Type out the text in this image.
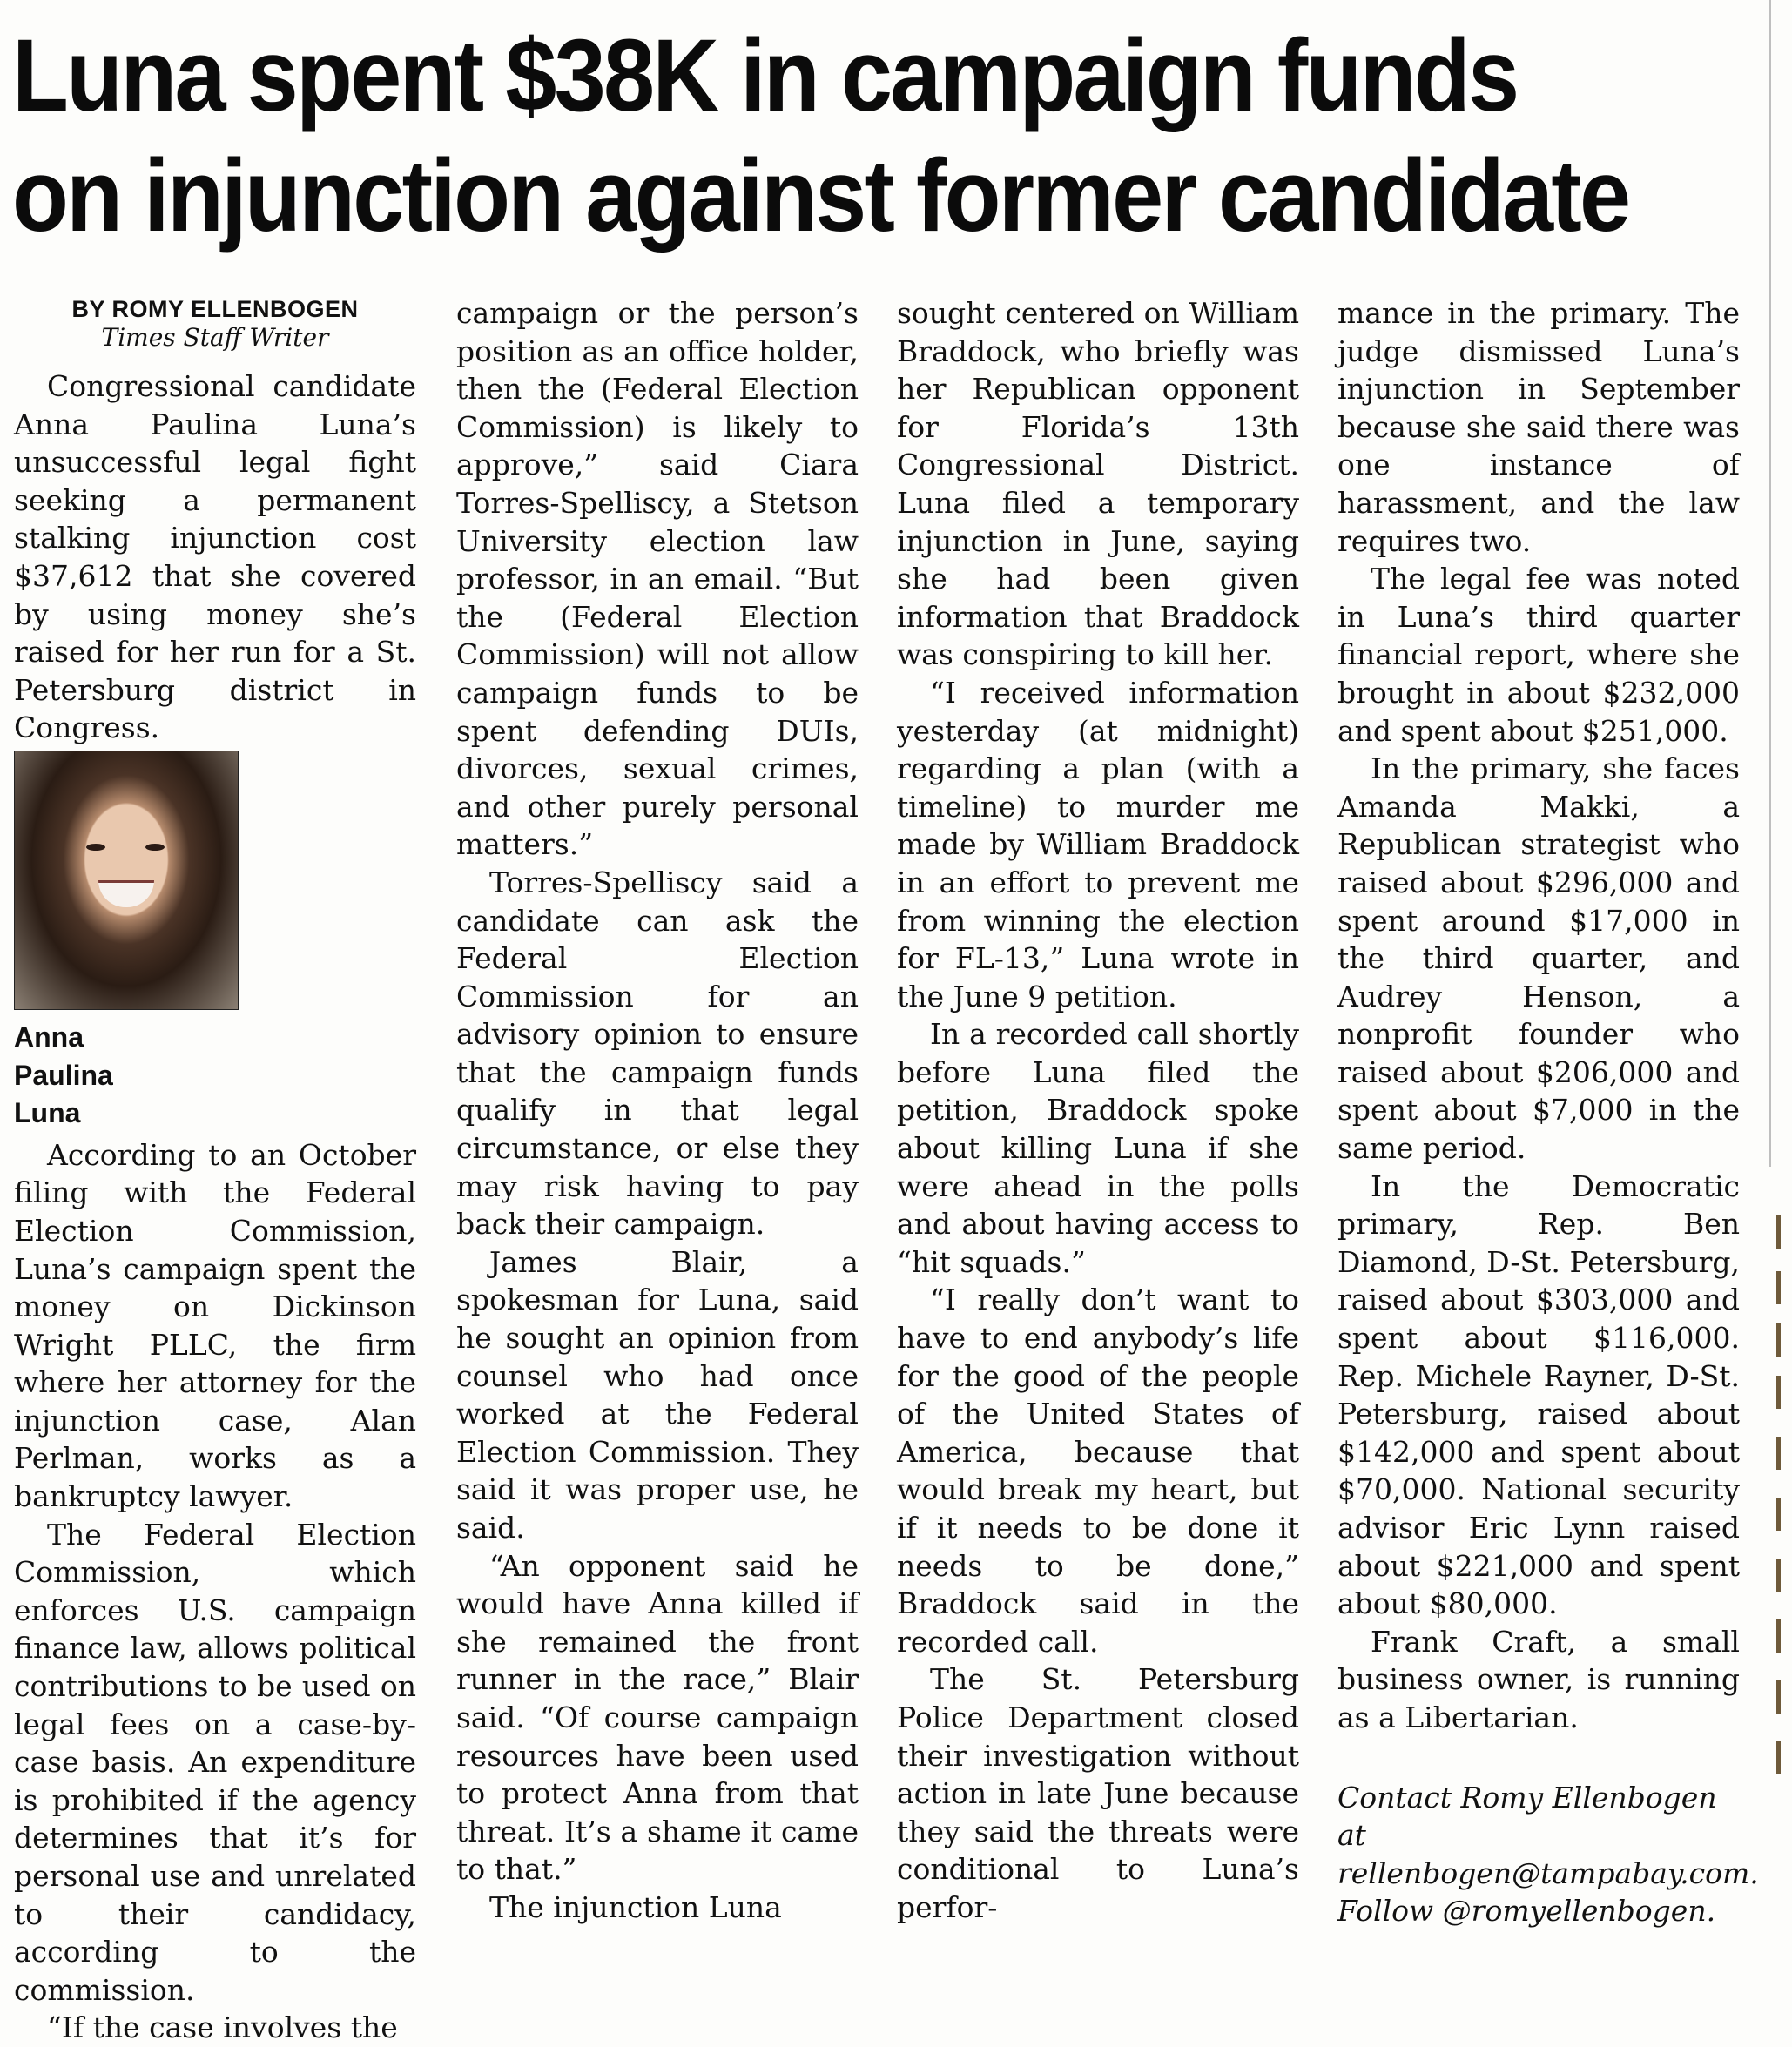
Luna spent $38K in campaign funds
on injunction against former candidate
BY ROMY ELLENBOGEN
Times Staff Writer

Congressional candidate Anna Paulina Luna’s unsuccessful legal fight seeking a permanent stalking injunction cost $37,612 that she covered by using money she’s raised for her run for a St. Petersburg district in Congress.

Anna
Paulina
Luna
According to an October filing with the Federal Election Commission, Luna’s campaign spent the money on Dickinson Wright PLLC, the firm where her attorney for the injunction case, Alan Perlman, works as a bankruptcy lawyer.

The Federal Election Commission, which enforces U.S. campaign finance law, allows political contributions to be used on legal fees on a case-by-case basis. An expenditure is prohibited if the agency determines that it’s for personal use and unrelated to their candidacy, according to the commission.

“If the case involves the

campaign or the person’s position as an office holder, then the (Federal Election Commission) is likely to approve,” said Ciara Torres-Spelliscy, a Stetson University election law professor, in an email. “But the (Federal Election Commission) will not allow campaign funds to be spent defending DUIs, divorces, sexual crimes, and other purely personal matters.”

Torres-Spelliscy said a candidate can ask the Federal Election Commission for an advisory opinion to ensure that the campaign funds qualify in that legal circumstance, or else they may risk having to pay back their campaign.

James Blair, a spokesman for Luna, said he sought an opinion from counsel who had once worked at the Federal Election Commission. They said it was proper use, he said.

“An opponent said he would have Anna killed if she remained the front runner in the race,” Blair said. “Of course campaign resources have been used to protect Anna from that threat. It’s a shame it came to that.”

The injunction Luna

sought centered on William Braddock, who briefly was her Republican opponent for Florida’s 13th Congressional District. Luna filed a temporary injunction in June, saying she had been given information that Braddock was conspiring to kill her.

“I received information yesterday (at midnight) regarding a plan (with a timeline) to murder me made by William Braddock in an effort to prevent me from winning the election for FL-13,” Luna wrote in the June 9 petition.

In a recorded call shortly before Luna filed the petition, Braddock spoke about killing Luna if she were ahead in the polls and about having access to “hit squads.”

“I really don’t want to have to end anybody’s life for the good of the people of the United States of America, because that would break my heart, but if it needs to be done it needs to be done,” Braddock said in the recorded call.

The St. Petersburg Police Department closed their investigation without action in late June because they said the threats were conditional to Luna’s perfor-

mance in the primary. The judge dismissed Luna’s injunction in September because she said there was one instance of harassment, and the law requires two.

The legal fee was noted in Luna’s third quarter financial report, where she brought in about $232,000 and spent about $251,000.

In the primary, she faces Amanda Makki, a Republican strategist who raised about $296,000 and spent around $17,000 in the third quarter, and Audrey Henson, a nonprofit founder who raised about $206,000 and spent about $7,000 in the same period.

In the Democratic primary, Rep. Ben Diamond, D-St. Petersburg, raised about $303,000 and spent about $116,000. Rep. Michele Rayner, D-St. Petersburg, raised about $142,000 and spent about $70,000. National security advisor Eric Lynn raised about $221,000 and spent about $80,000.

Frank Craft, a small business owner, is running as a Libertarian.

Contact Romy Ellenbogen at
rellenbogen@tampabay.com.
Follow @romyellenbogen.
